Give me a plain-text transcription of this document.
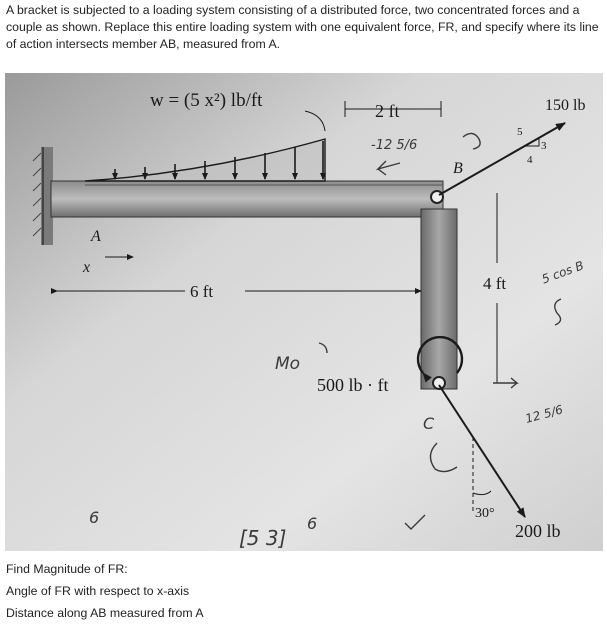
A bracket is subjected to a loading system consisting of a distributed force, two concentrated forces and a couple as shown. Replace this entire loading system with one equivalent force, FR, and specify where its line of action intersects member AB, measured from A.

w = (5 x²) lb/ft	2 ft	150 lb
5
3
4
B
A
x
6 ft	4 ft
500 lb · ft
30°
200 lb
-12 5/6
5 cos B
12 5/6
Mo
C
6
[5 3]
6

Find Magnitude of FR:

Angle of FR with respect to x-axis

Distance along AB measured from A
